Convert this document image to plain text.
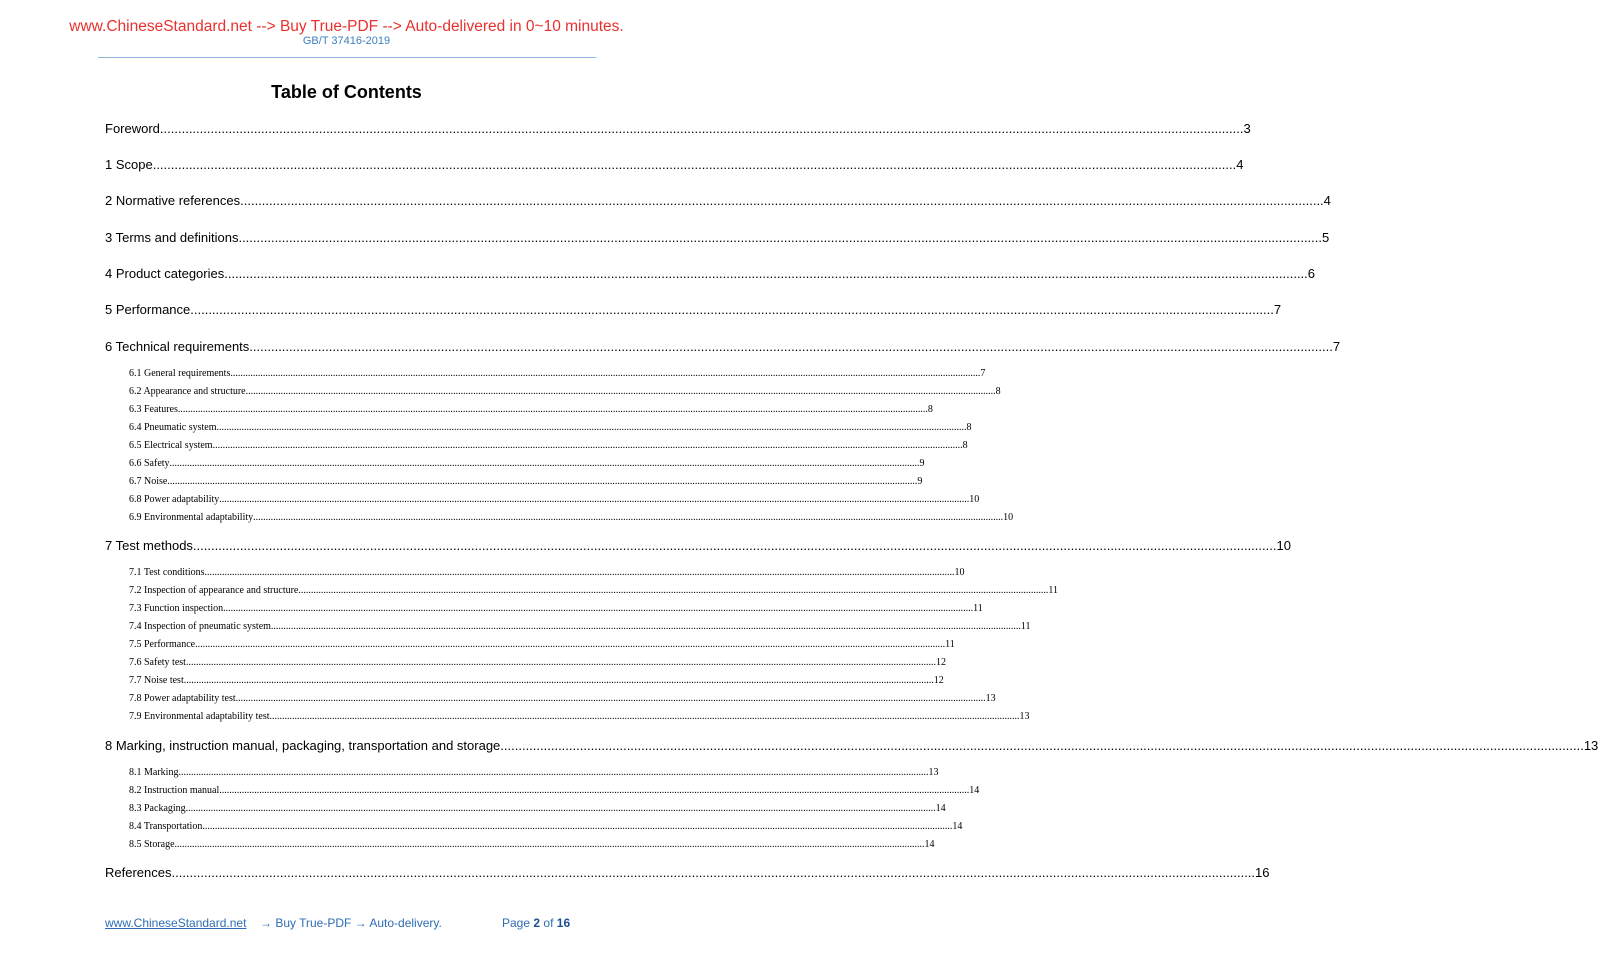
www.ChineseStandard.net --> Buy True-PDF --> Auto-delivered in 0~10 minutes.
GB/T 37416-2019
Table of Contents
Foreword ............................................................................................................................................................................................................................................................................................................ 3
1 Scope ............................................................................................................................................................................................................................................................................................................ 4
2 Normative references ............................................................................................................................................................................................................................................................................................................ 4
3 Terms and definitions ............................................................................................................................................................................................................................................................................................................ 5
4 Product categories ............................................................................................................................................................................................................................................................................................................ 6
5 Performance ............................................................................................................................................................................................................................................................................................................ 7
6 Technical requirements ............................................................................................................................................................................................................................................................................................................ 7
6.1 General requirements ............................................................................................................................................................................................................................................................................................................ 7
6.2 Appearance and structure ............................................................................................................................................................................................................................................................................................................ 8
6.3 Features ............................................................................................................................................................................................................................................................................................................ 8
6.4 Pneumatic system ............................................................................................................................................................................................................................................................................................................ 8
6.5 Electrical system ............................................................................................................................................................................................................................................................................................................ 8
6.6 Safety ............................................................................................................................................................................................................................................................................................................ 9
6.7 Noise ............................................................................................................................................................................................................................................................................................................ 9
6.8 Power adaptability ............................................................................................................................................................................................................................................................................................................ 10
6.9 Environmental adaptability ............................................................................................................................................................................................................................................................................................................ 10
7 Test methods ............................................................................................................................................................................................................................................................................................................ 10
7.1 Test conditions ............................................................................................................................................................................................................................................................................................................ 10
7.2 Inspection of appearance and structure ............................................................................................................................................................................................................................................................................................................ 11
7.3 Function inspection ............................................................................................................................................................................................................................................................................................................ 11
7.4 Inspection of pneumatic system ............................................................................................................................................................................................................................................................................................................ 11
7.5 Performance ............................................................................................................................................................................................................................................................................................................ 11
7.6 Safety test ............................................................................................................................................................................................................................................................................................................ 12
7.7 Noise test ............................................................................................................................................................................................................................................................................................................ 12
7.8 Power adaptability test ............................................................................................................................................................................................................................................................................................................ 13
7.9 Environmental adaptability test ............................................................................................................................................................................................................................................................................................................ 13
8 Marking, instruction manual, packaging, transportation and storage ............................................................................................................................................................................................................................................................................................................ 13
8.1 Marking ............................................................................................................................................................................................................................................................................................................ 13
8.2 Instruction manual ............................................................................................................................................................................................................................................................................................................ 14
8.3 Packaging ............................................................................................................................................................................................................................................................................................................ 14
8.4 Transportation ............................................................................................................................................................................................................................................................................................................ 14
8.5 Storage ............................................................................................................................................................................................................................................................................................................ 14
References ............................................................................................................................................................................................................................................................................................................ 16
www.ChineseStandard.net → Buy True-PDF → Auto-delivery.	Page 2 of 16
